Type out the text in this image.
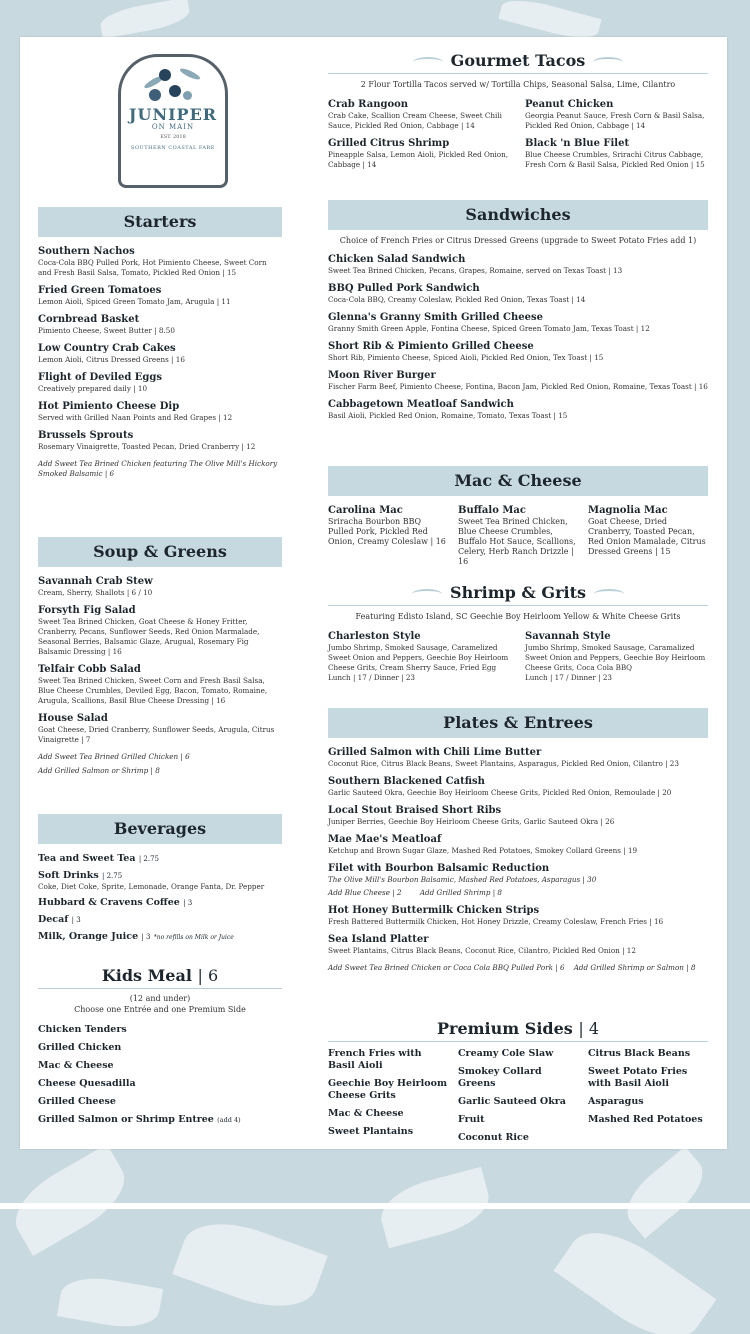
JUNIPER
ON MAIN
EST. 2018
SOUTHERN COASTAL FARE
Starters
Southern Nachos
Coca-Cola BBQ Pulled Pork, Hot Pimiento Cheese, Sweet Corn and Fresh Basil Salsa, Tomato, Pickled Red Onion | 15
Fried Green Tomatoes
Lemon Aioli, Spiced Green Tomato Jam, Arugula | 11
Cornbread Basket
Pimiento Cheese, Sweet Butter | 8.50
Low Country Crab Cakes
Lemon Aioli, Citrus Dressed Greens | 16
Flight of Deviled Eggs
Creatively prepared daily | 10
Hot Pimiento Cheese Dip
Served with Grilled Naan Points and Red Grapes | 12
Brussels Sprouts
Rosemary Vinaigrette, Toasted Pecan, Dried Cranberry | 12
Add Sweet Tea Brined Chicken featuring The Olive Mill's Hickory Smoked Balsamic | 6
Soup & Greens
Savannah Crab Stew
Cream, Sherry, Shallots | 6 / 10
Forsyth Fig Salad
Sweet Tea Brined Chicken, Goat Cheese & Honey Fritter, Cranberry, Pecans, Sunflower Seeds, Red Onion Marmalade, Seasonal Berries, Balsamic Glaze, Arugual, Rosemary Fig Balsamic Dressing | 16
Telfair Cobb Salad
Sweet Tea Brined Chicken, Sweet Corn and Fresh Basil Salsa, Blue Cheese Crumbles, Deviled Egg, Bacon, Tomato, Romaine, Arugula, Scallions, Basil Blue Cheese Dressing | 16
House Salad
Goat Cheese, Dried Cranberry, Sunflower Seeds, Arugula, Citrus Vinaigrette | 7
Add Sweet Tea Brined Grilled Chicken | 6
Add Grilled Salmon or Shrimp | 8
Beverages
Tea and Sweet Tea | 2.75
Soft Drinks | 2.75
Coke, Diet Coke, Sprite, Lemonade, Orange Fanta, Dr. Pepper
Hubbard & Cravens Coffee | 3
Decaf | 3
Milk, Orange Juice | 3 *no refills on Milk or Juice
Kids Meal | 6
(12 and under)
Choose one Entrée and one Premium Side
Chicken Tenders
Grilled Chicken
Mac & Cheese
Cheese Quesadilla
Grilled Cheese
Grilled Salmon or Shrimp Entree (add 4)
Gourmet Tacos
2 Flour Tortilla Tacos served w/ Tortilla Chips, Seasonal Salsa, Lime, Cilantro
Crab Rangoon
Crab Cake, Scallion Cream Cheese, Sweet Chili Sauce, Pickled Red Onion, Cabbage | 14
Peanut Chicken
Georgia Peanut Sauce, Fresh Corn & Basil Salsa, Pickled Red Onion, Cabbage | 14
Grilled Citrus Shrimp
Pineapple Salsa, Lemon Aioli, Pickled Red Onion, Cabbage | 14
Black 'n Blue Filet
Blue Cheese Crumbles, Srirachi Citrus Cabbage, Fresh Corn & Basil Salsa, Pickled Red Onion | 15
Sandwiches
Choice of French Fries or Citrus Dressed Greens (upgrade to Sweet Potato Fries add 1)
Chicken Salad Sandwich
Sweet Tea Brined Chicken, Pecans, Grapes, Romaine, served on Texas Toast | 13
BBQ Pulled Pork Sandwich
Coca-Cola BBQ, Creamy Coleslaw, Pickled Red Onion, Texas Toast | 14
Glenna's Granny Smith Grilled Cheese
Granny Smith Green Apple, Fontina Cheese, Spiced Green Tomato Jam, Texas Toast | 12
Short Rib & Pimiento Grilled Cheese
Short Rib, Pimiento Cheese, Spiced Aioli, Pickled Red Onion, Tex Toast | 15
Moon River Burger
Fischer Farm Beef, Pimiento Cheese, Fontina, Bacon Jam, Pickled Red Onion, Romaine, Texas Toast | 16
Cabbagetown Meatloaf Sandwich
Basil Aioli, Pickled Red Onion, Romaine, Tomato, Texas Toast | 15
Mac & Cheese
Carolina Mac
Sriracha Bourbon BBQ Pulled Pork, Pickled Red Onion, Creamy Coleslaw | 16
Buffalo Mac
Sweet Tea Brined Chicken, Blue Cheese Crumbles, Buffalo Hot Sauce, Scallions, Celery, Herb Ranch Drizzle | 16
Magnolia Mac
Goat Cheese, Dried Cranberry, Toasted Pecan, Red Onion Mamalade, Citrus Dressed Greens | 15
Shrimp & Grits
Featuring Edisto Island, SC Geechie Boy Heirloom Yellow & White Cheese Grits
Charleston Style
Jumbo Shrimp, Smoked Sausage, Caramelized Sweet Onion and Peppers, Geechie Boy Heirloom Cheese Grits, Cream Sherry Sauce, Fried Egg
Lunch | 17 / Dinner | 23
Savannah Style
Jumbo Shrimp, Smoked Sausage, Caramalized Sweet Onion and Peppers, Geechie Boy Heirloom Cheese Grits, Coca Cola BBQ
Lunch | 17 / Dinner | 23
Plates & Entrees
Grilled Salmon with Chili Lime Butter
Coconut Rice, Citrus Black Beans, Sweet Plantains, Asparagus, Pickled Red Onion, Cilantro | 23
Southern Blackened Catfish
Garlic Sauteed Okra, Geechie Boy Heirloom Cheese Grits, Pickled Red Onion, Remoulade | 20
Local Stout Braised Short Ribs
Juniper Berries, Geechie Boy Heirloom Cheese Grits, Garlic Sauteed Okra | 26
Mae Mae's Meatloaf
Ketchup and Brown Sugar Glaze, Mashed Red Potatoes, Smokey Collard Greens | 19
Filet with Bourbon Balsamic Reduction
The Olive Mill's Bourbon Balsamic, Mashed Red Potatoes, Asparagus | 30
Add Blue Cheese | 2        Add Grilled Shrimp | 8
Hot Honey Buttermilk Chicken Strips
Fresh Battered Buttermilk Chicken, Hot Honey Drizzle, Creamy Coleslaw, French Fries | 16
Sea Island Platter
Sweet Plantains, Citrus Black Beans, Coconut Rice, Cilantro, Pickled Red Onion | 12
Add Sweet Tea Brined Chicken or Coca Cola BBQ Pulled Pork | 6    Add Grilled Shrimp or Salmon | 8
Premium Sides | 4
French Fries with Basil Aioli
Geechie Boy Heirloom Cheese Grits
Mac & Cheese
Sweet Plantains
Creamy Cole Slaw
Smokey Collard Greens
Garlic Sauteed Okra
Fruit
Coconut Rice
Citrus Black Beans
Sweet Potato Fries with Basil Aioli
Asparagus
Mashed Red Potatoes
